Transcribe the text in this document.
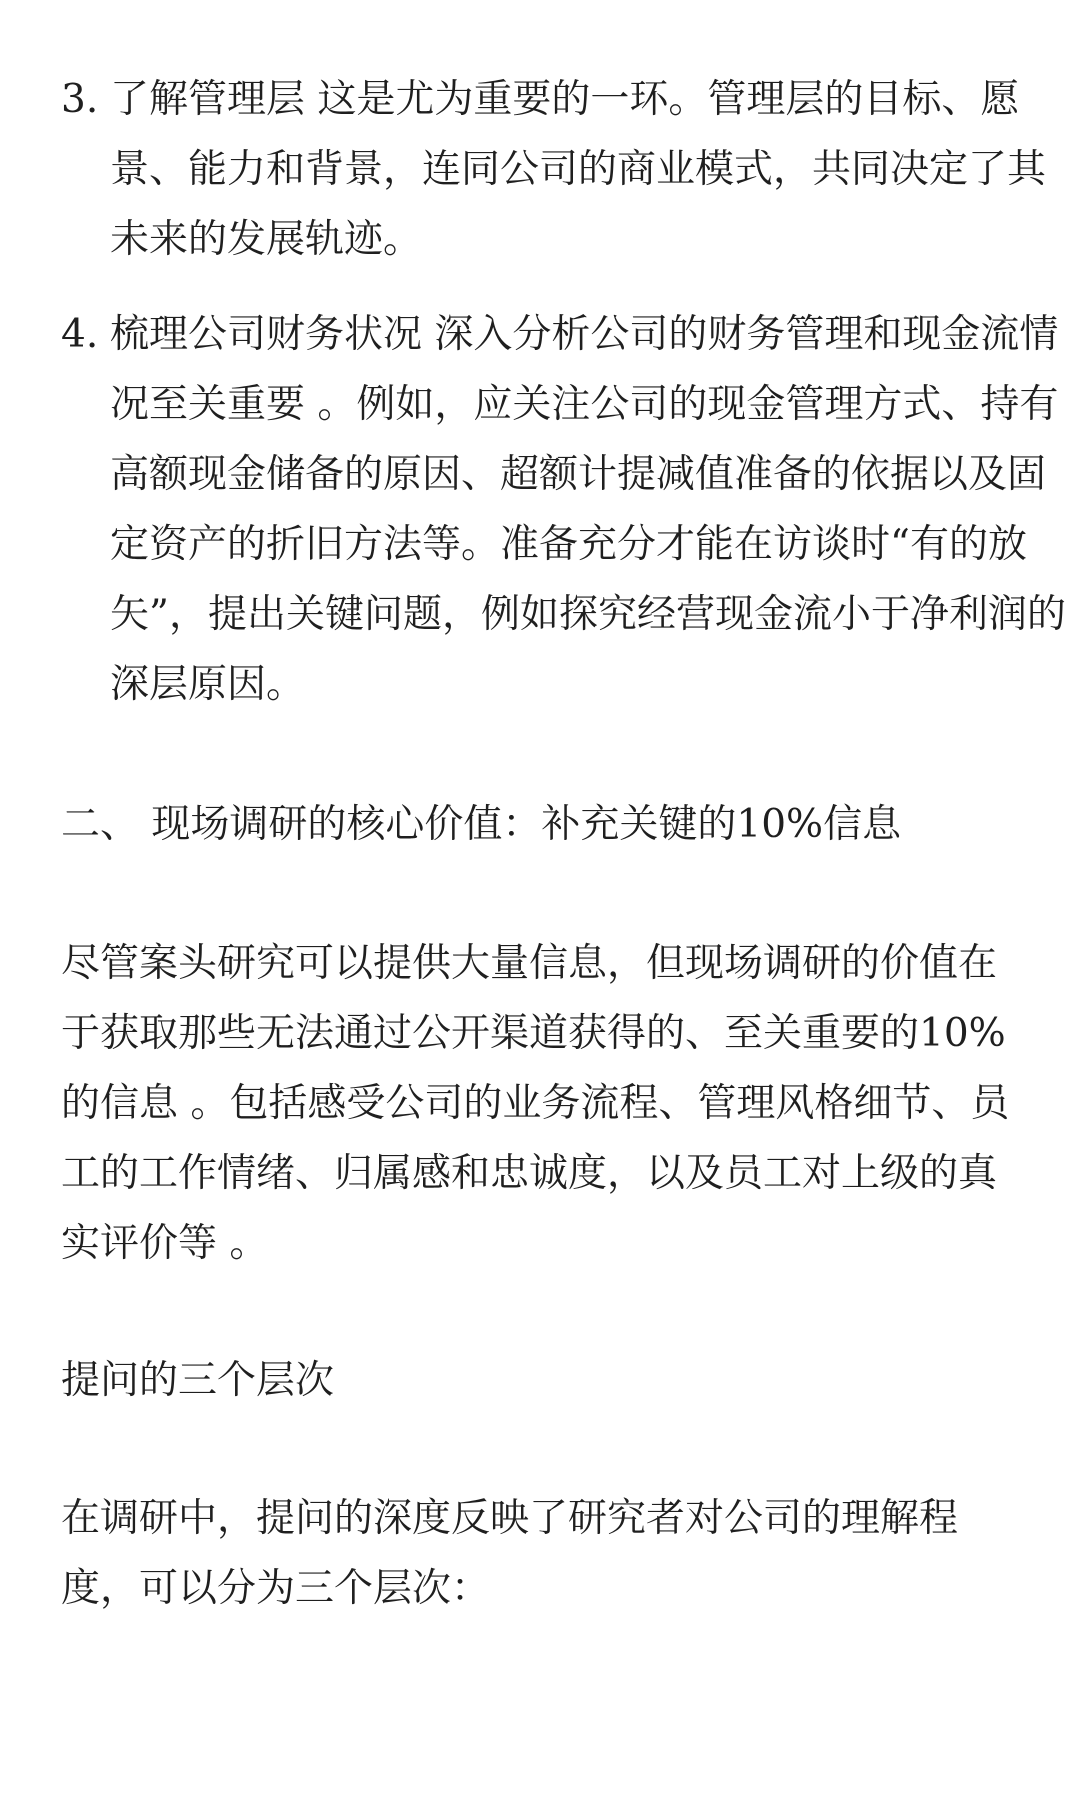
3. 了解管理层 这是尤为重要的一环。管理层的目标、愿景、能力和背景，连同公司的商业模式，共同决定了其未来的发展轨迹。
4. 梳理公司财务状况 深入分析公司的财务管理和现金流情况至关重要 。例如，应关注公司的现金管理方式、持有高额现金储备的原因、超额计提减值准备的依据以及固定资产的折旧方法等。准备充分才能在访谈时“有的放矢”，提出关键问题，例如探究经营现金流小于净利润的深层原因。

二、 现场调研的核心价值：补充关键的10%信息

尽管案头研究可以提供大量信息，但现场调研的价值在于获取那些无法通过公开渠道获得的、至关重要的10%的信息 。包括感受公司的业务流程、管理风格细节、员工的工作情绪、归属感和忠诚度，以及员工对上级的真实评价等 。

提问的三个层次

在调研中，提问的深度反映了研究者对公司的理解程度，可以分为三个层次：
